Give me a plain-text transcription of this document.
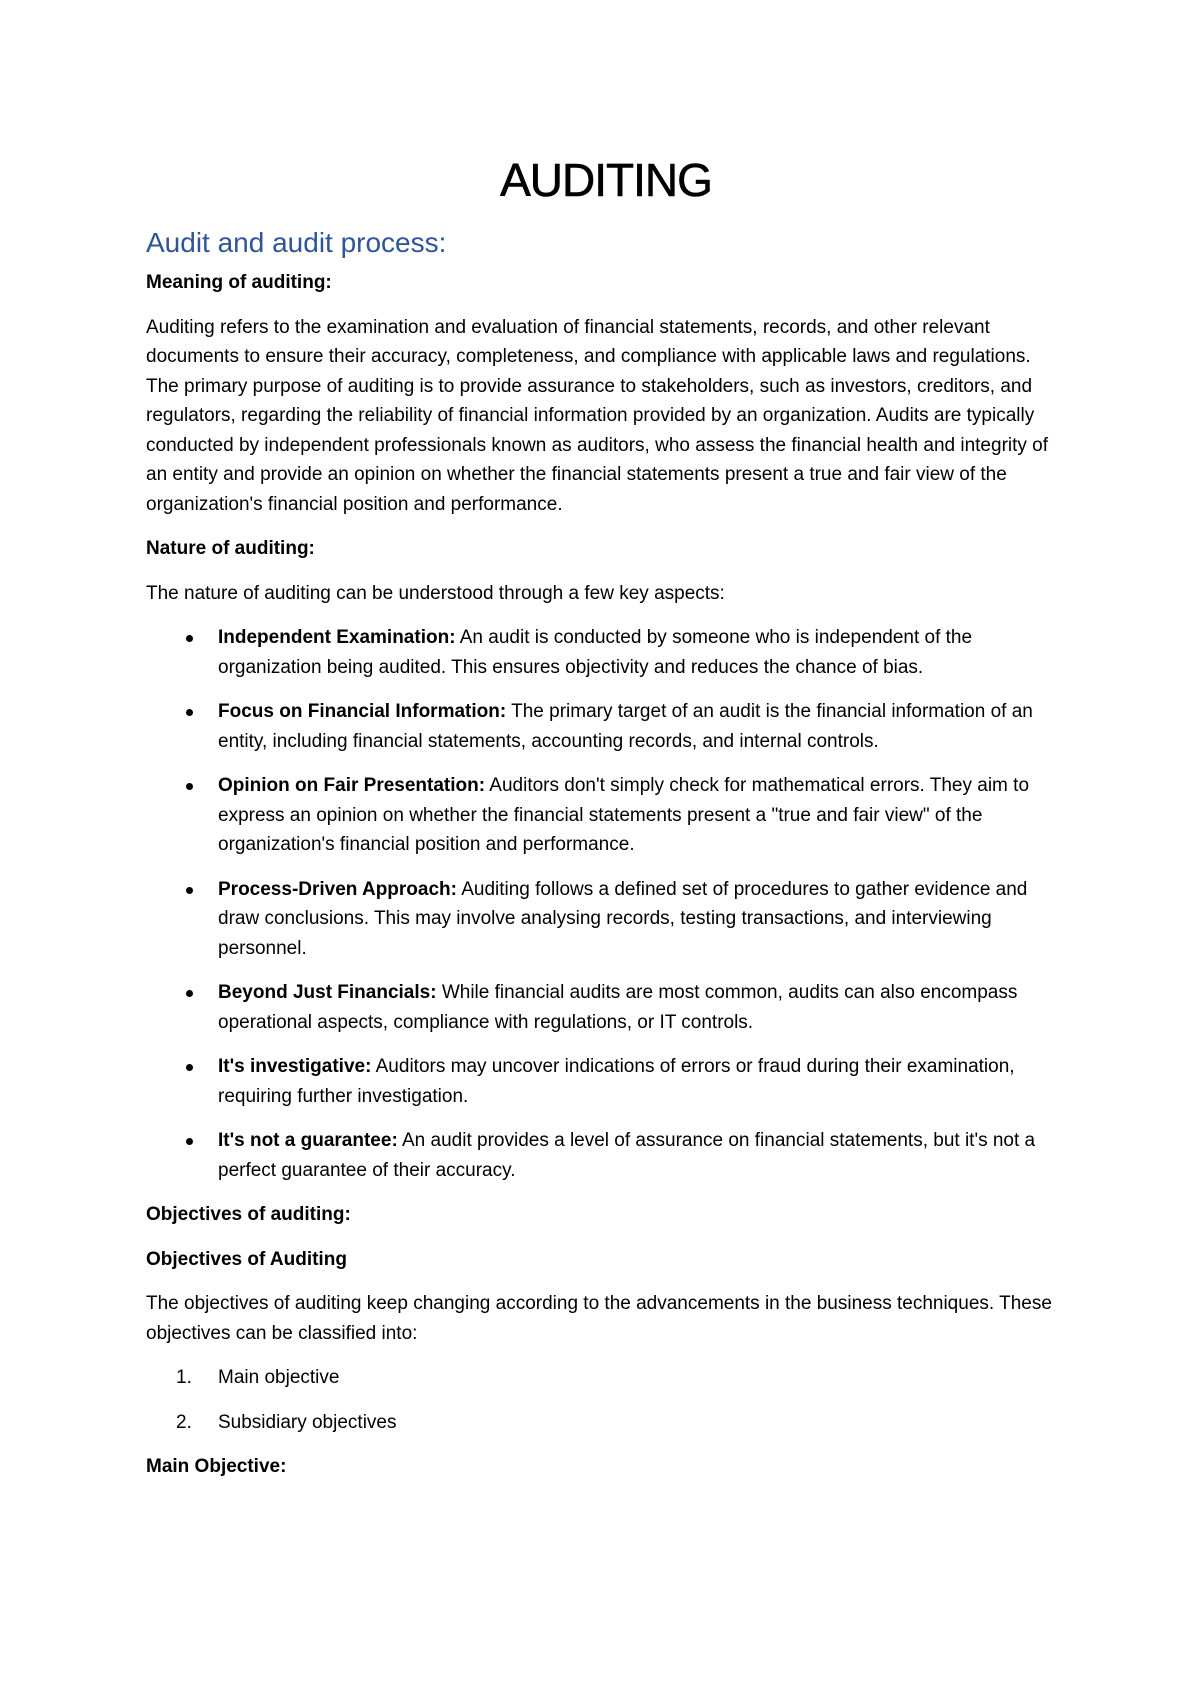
AUDITING
Audit and audit process:
Meaning of auditing:

Auditing refers to the examination and evaluation of financial statements, records, and other relevant documents to ensure their accuracy, completeness, and compliance with applicable laws and regulations. The primary purpose of auditing is to provide assurance to stakeholders, such as investors, creditors, and regulators, regarding the reliability of financial information provided by an organization. Audits are typically conducted by independent professionals known as auditors, who assess the financial health and integrity of an entity and provide an opinion on whether the financial statements present a true and fair view of the organization's financial position and performance.

Nature of auditing:

The nature of auditing can be understood through a few key aspects:

Independent Examination: An audit is conducted by someone who is independent of the organization being audited. This ensures objectivity and reduces the chance of bias.
Focus on Financial Information: The primary target of an audit is the financial information of an entity, including financial statements, accounting records, and internal controls.
Opinion on Fair Presentation: Auditors don't simply check for mathematical errors. They aim to express an opinion on whether the financial statements present a "true and fair view" of the organization's financial position and performance.
Process-Driven Approach: Auditing follows a defined set of procedures to gather evidence and draw conclusions. This may involve analysing records, testing transactions, and interviewing personnel.
Beyond Just Financials: While financial audits are most common, audits can also encompass operational aspects, compliance with regulations, or IT controls.
It's investigative: Auditors may uncover indications of errors or fraud during their examination, requiring further investigation.
It's not a guarantee: An audit provides a level of assurance on financial statements, but it's not a perfect guarantee of their accuracy.
Objectives of auditing:
Objectives of Auditing

The objectives of auditing keep changing according to the advancements in the business techniques. These objectives can be classified into:

1. Main objective
2. Subsidiary objectives
Main Objective:
